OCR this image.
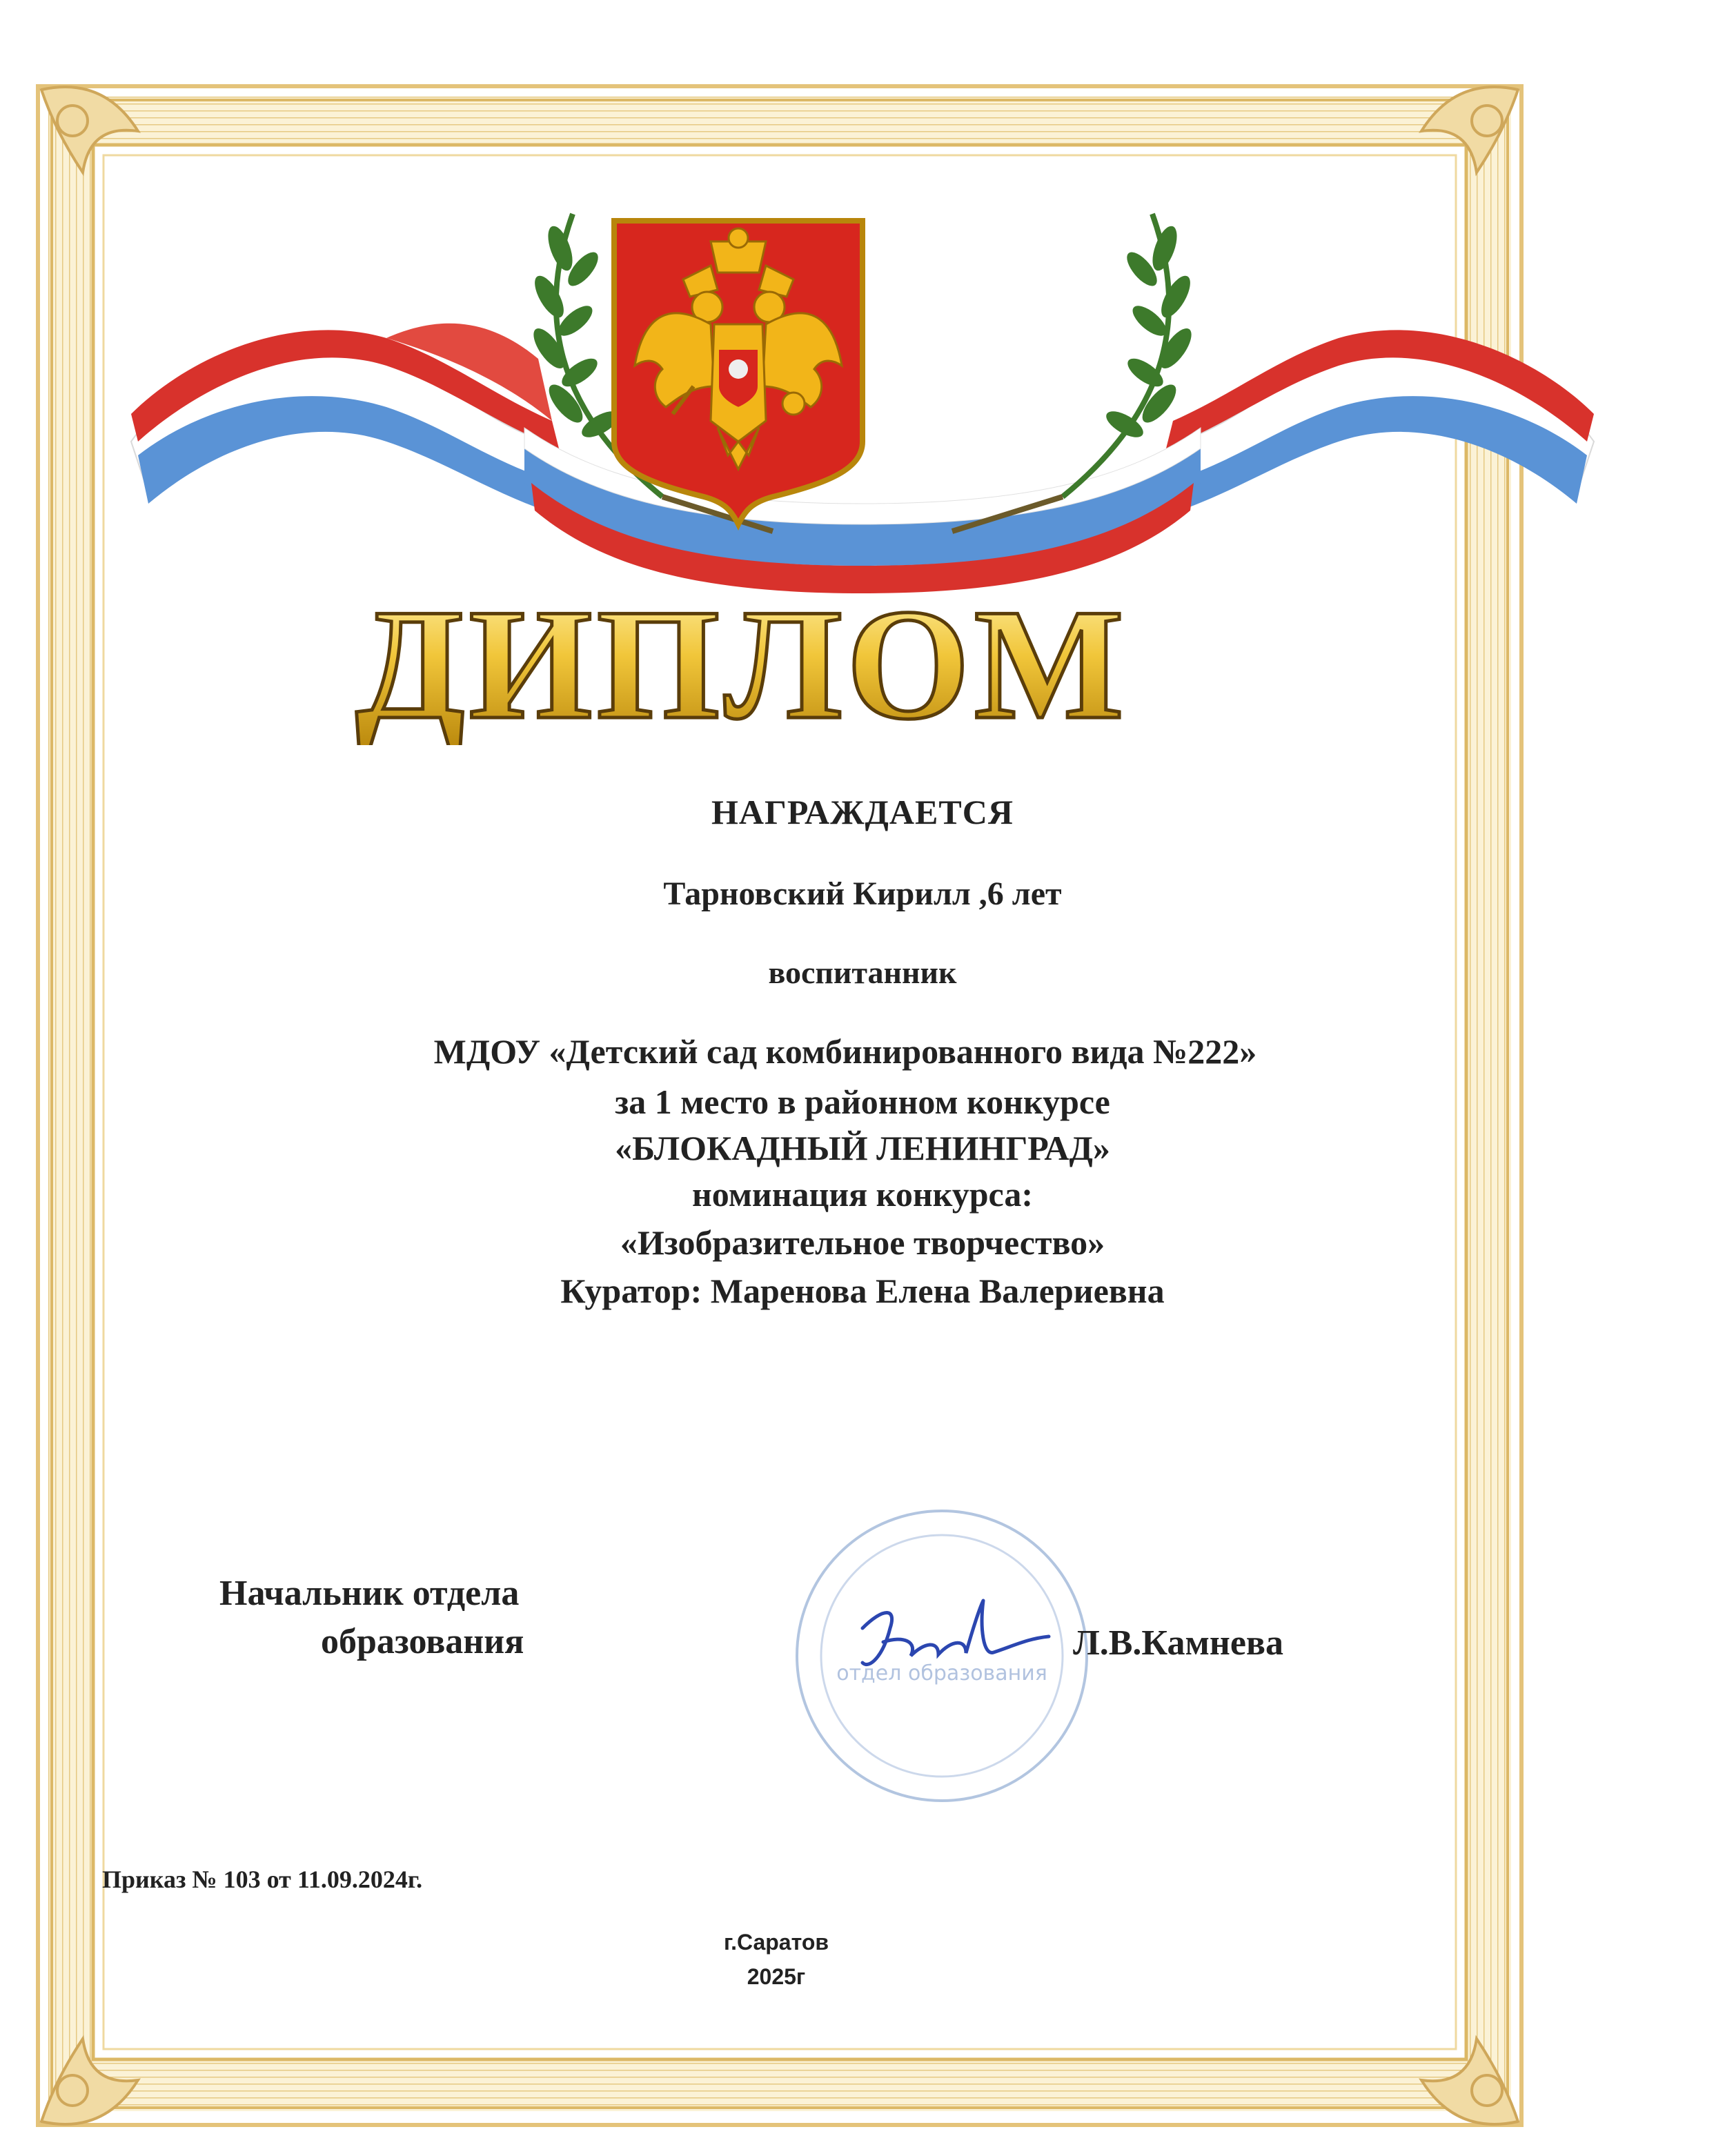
ДИПЛОМ
НАГРАЖДАЕТСЯ
Тарновский Кирилл ,6 лет
воспитанник
МДОУ «Детский сад комбинированного вида №222»
за 1 место в районном конкурсе
«БЛОКАДНЫЙ ЛЕНИНГРАД»
номинация конкурса:
«Изобразительное творчество»
Куратор: Маренова Елена Валериевна
Начальник отдела
образования
отдел образования
Л.В.Камнева
Приказ № 103 от 11.09.2024г.
г.Саратов
2025г
